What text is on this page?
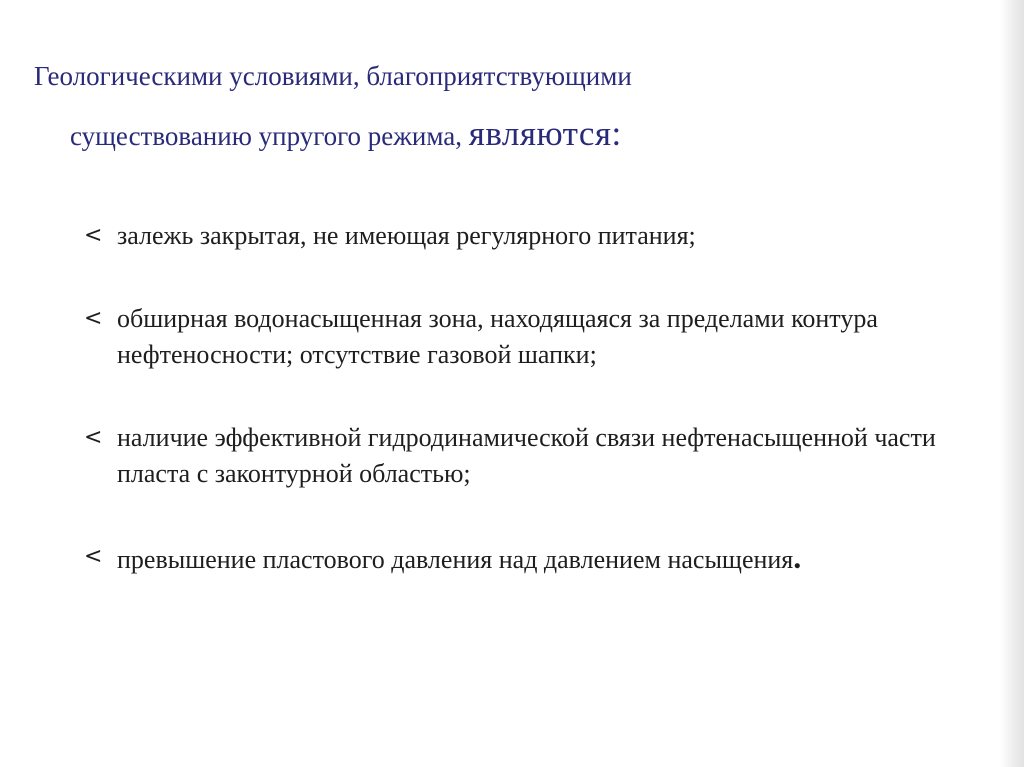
Геологическими условиями, благоприятствующими
существованию упругого режима, являются:
< залежь закрытая, не имеющая регулярного питания;
< обширная водонасыщенная зона, находящаяся за пределами контура нефтеносности; отсутствие газовой шапки;
< наличие эффективной гидродинамической связи нефтенасыщенной части пласта с законтурной областью;
< превышение пластового давления над давлением насыщения.
